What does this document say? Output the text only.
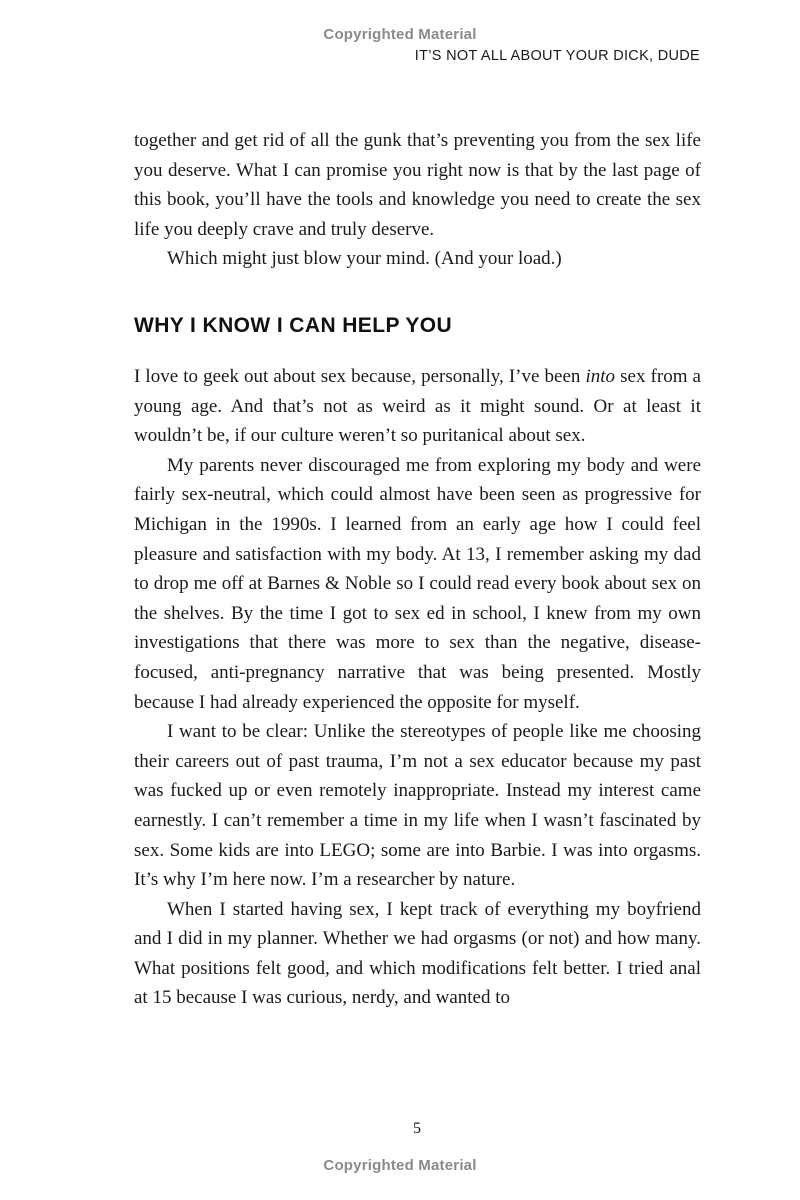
Copyrighted Material
IT’S NOT ALL ABOUT YOUR DICK, DUDE

together and get rid of all the gunk that’s preventing you from the sex life you deserve. What I can promise you right now is that by the last page of this book, you’ll have the tools and knowledge you need to create the sex life you deeply crave and truly deserve.

Which might just blow your mind. (And your load.)

WHY I KNOW I CAN HELP YOU

I love to geek out about sex because, personally, I’ve been into sex from a young age. And that’s not as weird as it might sound. Or at least it wouldn’t be, if our culture weren’t so puritanical about sex.

My parents never discouraged me from exploring my body and were fairly sex-neutral, which could almost have been seen as progressive for Michigan in the 1990s. I learned from an early age how I could feel pleasure and satisfaction with my body. At 13, I remember asking my dad to drop me off at Barnes & Noble so I could read every book about sex on the shelves. By the time I got to sex ed in school, I knew from my own investigations that there was more to sex than the negative, disease-focused, anti-pregnancy narrative that was being presented. Mostly because I had already experienced the opposite for myself.

I want to be clear: Unlike the stereotypes of people like me choosing their careers out of past trauma, I’m not a sex educator because my past was fucked up or even remotely inappropriate. Instead my interest came earnestly. I can’t remember a time in my life when I wasn’t fascinated by sex. Some kids are into LEGO; some are into Barbie. I was into orgasms. It’s why I’m here now. I’m a researcher by nature.

When I started having sex, I kept track of everything my boyfriend and I did in my planner. Whether we had orgasms (or not) and how many. What positions felt good, and which modifications felt better. I tried anal at 15 because I was curious, nerdy, and wanted to

5
Copyrighted Material
